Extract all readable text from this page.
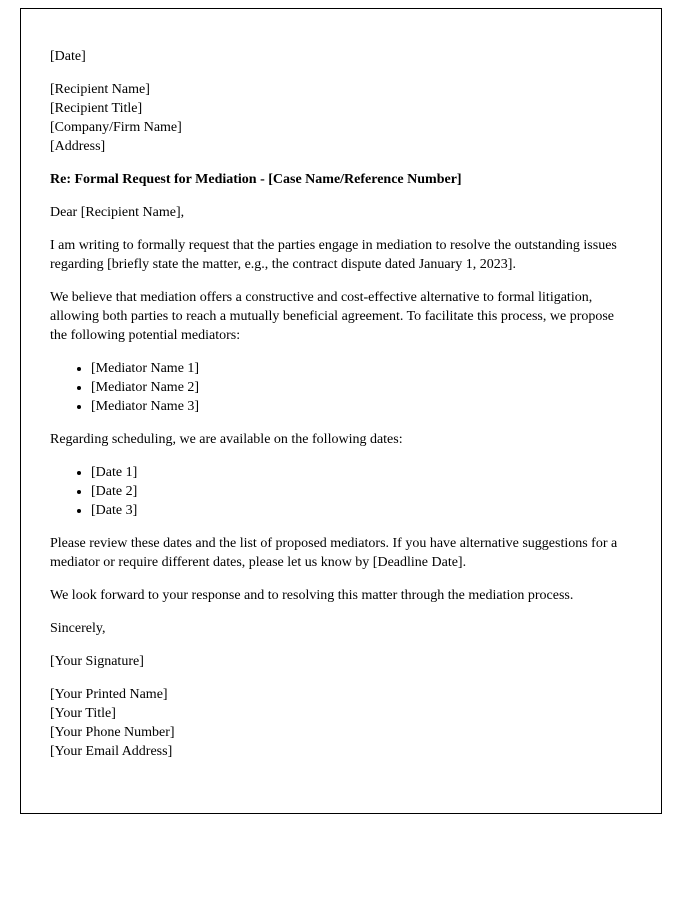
[Date]

[Recipient Name]
[Recipient Title]
[Company/Firm Name]
[Address]

Re: Formal Request for Mediation - [Case Name/Reference Number]

Dear [Recipient Name],

I am writing to formally request that the parties engage in mediation to resolve the outstanding issues regarding [briefly state the matter, e.g., the contract dispute dated January 1, 2023].

We believe that mediation offers a constructive and cost-effective alternative to formal litigation, allowing both parties to reach a mutually beneficial agreement. To facilitate this process, we propose the following potential mediators:

• [Mediator Name 1]
• [Mediator Name 2]
• [Mediator Name 3]

Regarding scheduling, we are available on the following dates:

• [Date 1]
• [Date 2]
• [Date 3]

Please review these dates and the list of proposed mediators. If you have alternative suggestions for a mediator or require different dates, please let us know by [Deadline Date].

We look forward to your response and to resolving this matter through the mediation process.

Sincerely,

[Your Signature]

[Your Printed Name]
[Your Title]
[Your Phone Number]
[Your Email Address]
